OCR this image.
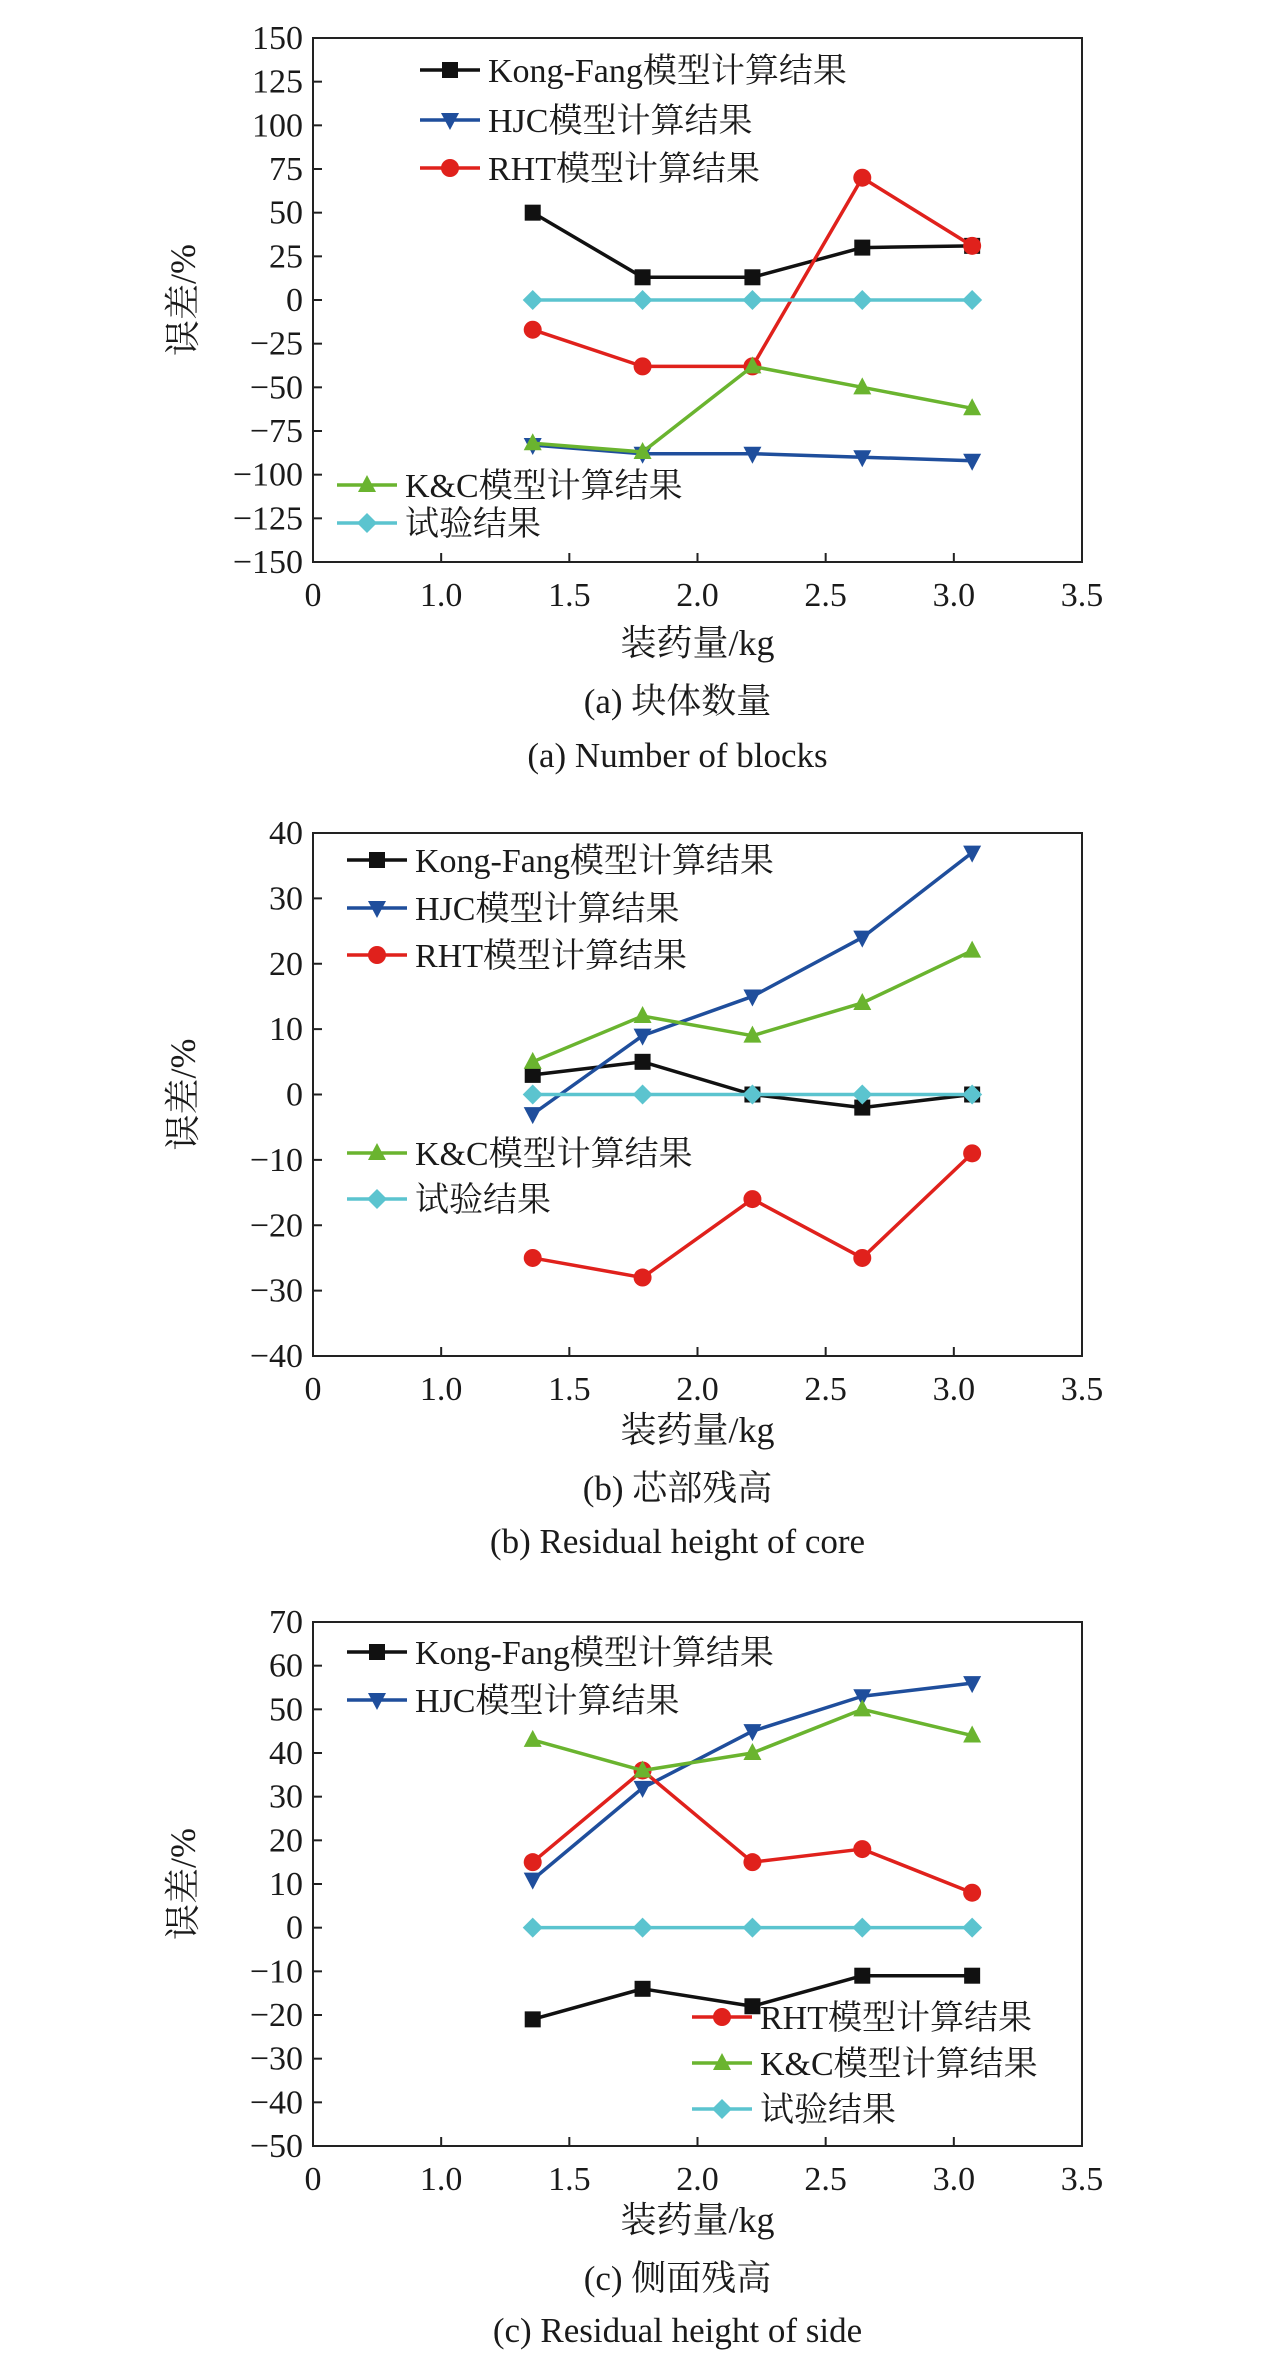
150
125
100
75
50
25
0
−25
−50
−75
−100
−125
−150
0	1.0	1.5	2.0	2.5	3.0	3.5
装药量/kg
误差/%
(a) 块体数量
(a) Number of blocks
Kong-Fang模型计算结果
HJC模型计算结果
RHT模型计算结果
K&C模型计算结果
试验结果
40
30
20
10
0
−10
−20
−30
−40
0	1.0	1.5	2.0	2.5	3.0	3.5
装药量/kg
误差/%
(b) 芯部残高
(b) Residual height of core
Kong-Fang模型计算结果
HJC模型计算结果
RHT模型计算结果
K&C模型计算结果
试验结果
70
60
50
40
30
20
10
0
−10
−20
−30
−40
−50
0	1.0	1.5	2.0	2.5	3.0	3.5
装药量/kg
误差/%
(c) 侧面残高
(c) Residual height of side
Kong-Fang模型计算结果
HJC模型计算结果
RHT模型计算结果
K&C模型计算结果
试验结果
